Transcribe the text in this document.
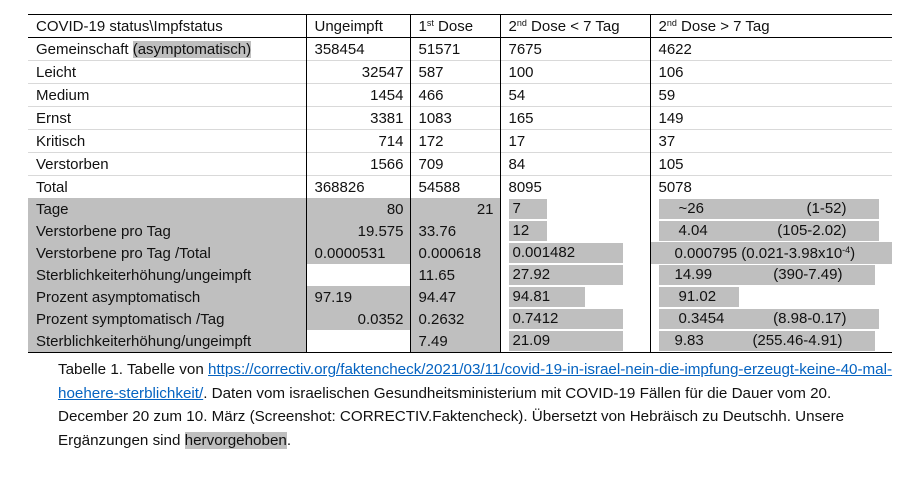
COVID-19 status\Impfstatus	Ungeimpft	1st Dose	2nd Dose < 7 Tag	2nd Dose > 7 Tag
Gemeinschaft (asymptomatisch)	358454	51571	7675	4622
Leicht	32547	587	100	106
Medium	1454	466	54	59
Ernst	3381	1083	165	149
Kritisch	714	172	17	37
Verstorben	1566	709	84	105
Total	368826	54588	8095	5078
Tage	80	21	7	~26 (1-52)

Verstorbene pro Tag	19.575	33.76	12	4.04 (105-2.02)

Verstorbene pro Tag /Total	0.0000531	0.000618	0.001482	0.000795 $(0.021-3.98x10^{-4})$
Sterblichkeiterhöhung/ungeimpft		11.65	27.92	14.99 (390-7.49)

Prozent asymptomatisch	97.19	94.47	94.81	91.02
Prozent symptomatisch /Tag	0.0352	0.2632	0.7412	0.3454 (8.98-0.17)

Sterblichkeiterhöhung/ungeimpft		7.49	21.09	9.83 (255.46-4.91)
Tabelle 1. Tabelle von https://correctiv.org/faktencheck/2021/03/11/covid-19-in-israel-nein-die-impfung-erzeugt-keine-40-mal-hoehere-sterblichkeit/. Daten vom israelischen Gesundheitsministerium mit COVID-19 Fällen für die Dauer vom 20. December 20 zum 10. März (Screenshot: CORRECTIV.Faktencheck). Übersetzt von Hebräisch zu Deutschh. Unsere Ergänzungen sind hervorgehoben.
